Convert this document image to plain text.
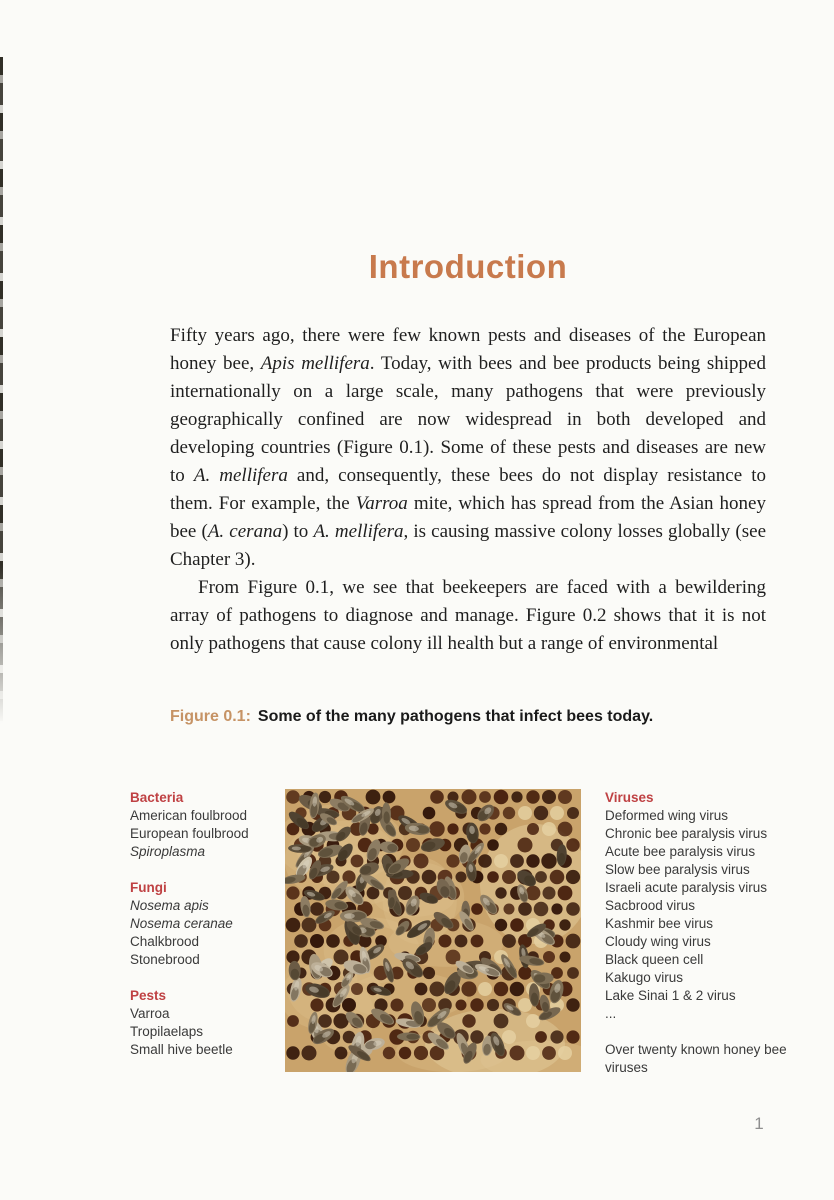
Introduction

Fifty years ago, there were few known pests and diseases of the European honey bee, Apis mellifera. Today, with bees and bee products being shipped internationally on a large scale, many pathogens that were previously geographically confined are now widespread in both developed and developing countries (Figure 0.1). Some of these pests and diseases are new to A. mellifera and, consequently, these bees do not display resistance to them. For example, the Varroa mite, which has spread from the Asian honey bee (A. cerana) to A. mellifera, is causing massive colony losses globally (see Chapter 3).

From Figure 0.1, we see that beekeepers are faced with a bewildering array of pathogens to diagnose and manage. Figure 0.2 shows that it is not only pathogens that cause colony ill health but a range of environmental

Figure 0.1: Some of the many pathogens that infect bees today.
Bacteria
American foulbrood
European foulbrood
Spiroplasma
Fungi
Nosema apis
Nosema ceranae
Chalkbrood
Stonebrood
Pests
Varroa
Tropilaelaps
Small hive beetle
Viruses
Deformed wing virus
Chronic bee paralysis virus
Acute bee paralysis virus
Slow bee paralysis virus
Israeli acute paralysis virus
Sacbrood virus
Kashmir bee virus
Cloudy wing virus
Black queen cell
Kakugo virus
Lake Sinai 1 & 2 virus
...
Over twenty known honey bee viruses
1
